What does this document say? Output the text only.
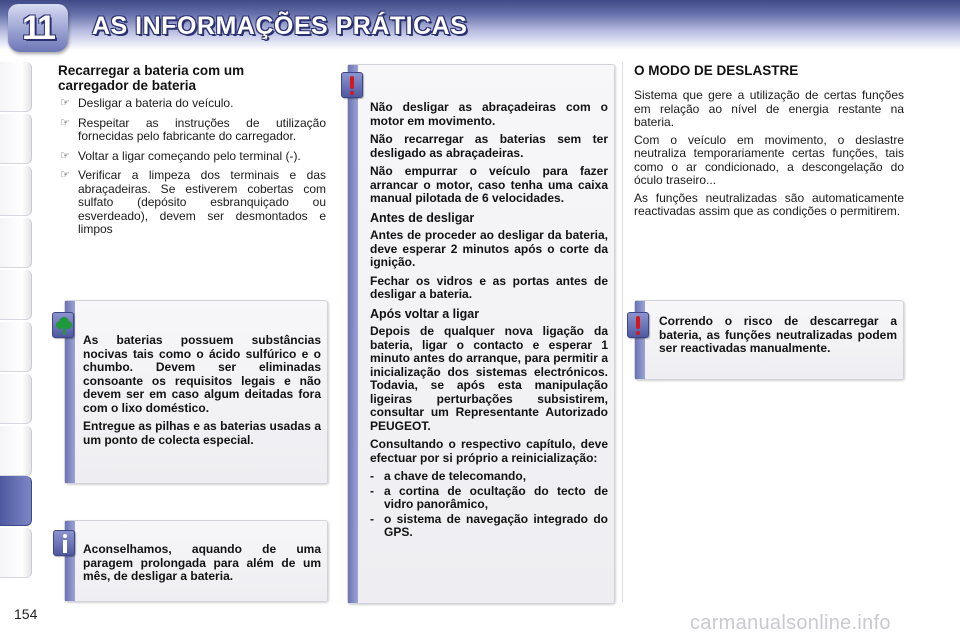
11 AS INFORMAÇÕES PRÁTICAS
Recarregar a bateria com um
carregador de bateria
☞ Desligar a bateria do veículo.
☞ Respeitar as instruções de utilização fornecidas pelo fabricante do carregador.
☞ Voltar a ligar começando pelo terminal (-).
☞ Verificar a limpeza dos terminais e das abraçadeiras. Se estiverem cobertas com sulfato (depósito esbranquiçado ou esverdeado), devem ser desmontados e limpos

As baterias possuem substâncias nocivas tais como o ácido sulfúrico e o chumbo. Devem ser eliminadas consoante os requisitos legais e não devem ser em caso algum deitadas fora com o lixo doméstico.

Entregue as pilhas e as baterias usadas a um ponto de colecta especial.

Aconselhamos, aquando de uma paragem prolongada para além de um mês, de desligar a bateria.

Não desligar as abraçadeiras com o motor em movimento.

Não recarregar as baterias sem ter desligado as abraçadeiras.

Não empurrar o veículo para fazer arrancar o motor, caso tenha uma caixa manual pilotada de 6 velocidades.

Antes de desligar

Antes de proceder ao desligar da bateria, deve esperar 2 minutos após o corte da ignição.

Fechar os vidros e as portas antes de desligar a bateria.

Após voltar a ligar

Depois de qualquer nova ligação da bateria, ligar o contacto e esperar 1 minuto antes do arranque, para permitir a inicialização dos sistemas electrónicos. Todavia, se após esta manipulação ligeiras perturbações subsistirem, consultar um Representante Autorizado PEUGEOT.

Consultando o respectivo capítulo, deve efectuar por si próprio a reinicialização:

- a chave de telecomando,
- a cortina de ocultação do tecto de vidro panorâmico,
- o sistema de navegação integrado do GPS.
O MODO DE DESLASTRE

Sistema que gere a utilização de certas funções em relação ao nível de energia restante na bateria.

Com o veículo em movimento, o deslastre neutraliza temporariamente certas funções, tais como o ar condicionado, a descongelação do óculo traseiro...

As funções neutralizadas são automaticamente reactivadas assim que as condições o permitirem.

Correndo o risco de descarregar a bateria, as funções neutralizadas podem ser reactivadas manualmente.
154	carmanualsonline.info
